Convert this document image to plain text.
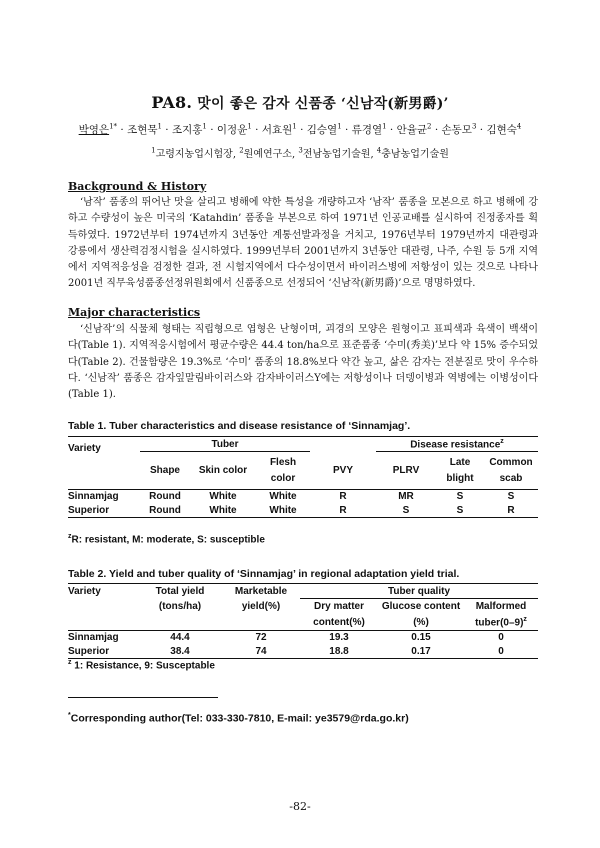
PA8. 맛이 좋은 감자 신품종 ‘신남작(新男爵)’
박영은$^{1*}$ · 조현묵$^1$ · 조지홍$^1$ · 이정윤$^1$ · 서효원$^1$ · 김승열$^1$ · 류경열$^1$ · 안율균$^2$ · 손동모$^3$ · 김현숙$^4$
$^1$고령지농업시험장, $^2$원예연구소, $^3$전남농업기술원, $^4$충남농업기술원
Background & History

‘남작’ 품종의 뛰어난 맛을 살리고 병해에 약한 특성을 개량하고자 ‘남작’ 품종을 모본으로 하고 병해에 강하고 수량성이 높은 미국의 ‘Katahdin’ 품종을 부본으로 하여 1971년 인공교배를 실시하여 진정종자를 획득하였다. 1972년부터 1974년까지 3년동안 계통선발과정을 거치고, 1976년부터 1979년까지 대관령과 강릉에서 생산력검정시험을 실시하였다. 1999년부터 2001년까지 3년동안 대관령, 나주, 수원 등 5개 지역에서 지역적응성을 검정한 결과, 전 시험지역에서 다수성이면서 바이러스병에 저항성이 있는 것으로 나타나 2001년 직무육성품종선정위원회에서 신품종으로 선정되어 ‘신남작(新男爵)’으로 명명하였다.

Major characteristics

‘신남작’의 식물체 형태는 직립형으로 엽형은 난형이며, 괴경의 모양은 원형이고 표피색과 육색이 백색이다(Table 1). 지역적응시험에서 평균수량은 44.4 ton/ha으로 표준품종 ‘수미(秀美)’보다 약 15% 증수되었다(Table 2). 건물함량은 19.3%로 ‘수미’ 품종의 18.8%보다 약간 높고, 삶은 감자는 전분질로 맛이 우수하다. ‘신남작’ 품종은 감자잎말림바이러스와 감자바이러스Y에는 저항성이나 더뎅이병과 역병에는 이병성이다(Table 1).

Table 1. Tuber characteristics and disease resistance of ‘Sinnamjag’.
Variety	Tuber				Disease resistance$^z$
	Shape	Skin color	Flesh color	PVY	PLRV	Late blight	Common scab
Sinnamjag	Round	White	White	R	MR	S	S
Superior	Round	White	White	R	S	S	R
$^z$R: resistant, M: moderate, S: susceptible
Table 2. Yield and tuber quality of ‘Sinnamjag’ in regional adaptation yield trial.
Variety	Total yield	Marketable	Tuber quality		
	(tons/ha)	yield(%)	Dry matter	Glucose content	Malformed
			content(%)	(%)	$tuber(0-9)^z$
Sinnamjag	44.4	72	19.3	0.15	0
Superior	38.4	74	18.8	0.17	0
$^z$ 1: Resistance, 9: Susceptable
*Corresponding author(Tel: 033-330-7810, E-mail: ye3579@rda.go.kr)
-82-
